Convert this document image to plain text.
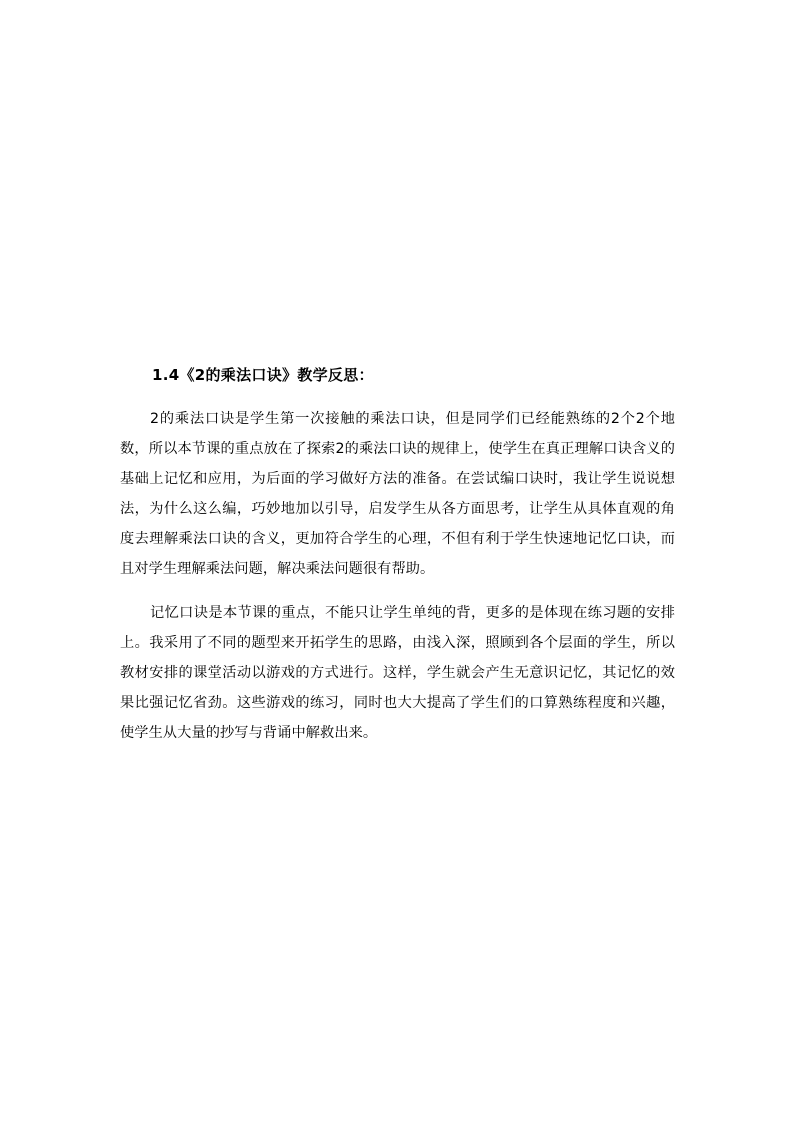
1.4《2的乘法口诀》教学反思：

2的乘法口诀是学生第一次接触的乘法口诀，但是同学们已经能熟练的2个2个地数，所以本节课的重点放在了探索2的乘法口诀的规律上，使学生在真正理解口诀含义的基础上记忆和应用，为后面的学习做好方法的准备。在尝试编口诀时，我让学生说说想法，为什么这么编，巧妙地加以引导，启发学生从各方面思考，让学生从具体直观的角度去理解乘法口诀的含义，更加符合学生的心理，不但有利于学生快速地记忆口诀，而且对学生理解乘法问题，解决乘法问题很有帮助。

记忆口诀是本节课的重点，不能只让学生单纯的背，更多的是体现在练习题的安排上。我采用了不同的题型来开拓学生的思路，由浅入深，照顾到各个层面的学生，所以教材安排的课堂活动以游戏的方式进行。这样，学生就会产生无意识记忆，其记忆的效果比强记忆省劲。这些游戏的练习，同时也大大提高了学生们的口算熟练程度和兴趣，使学生从大量的抄写与背诵中解救出来。
